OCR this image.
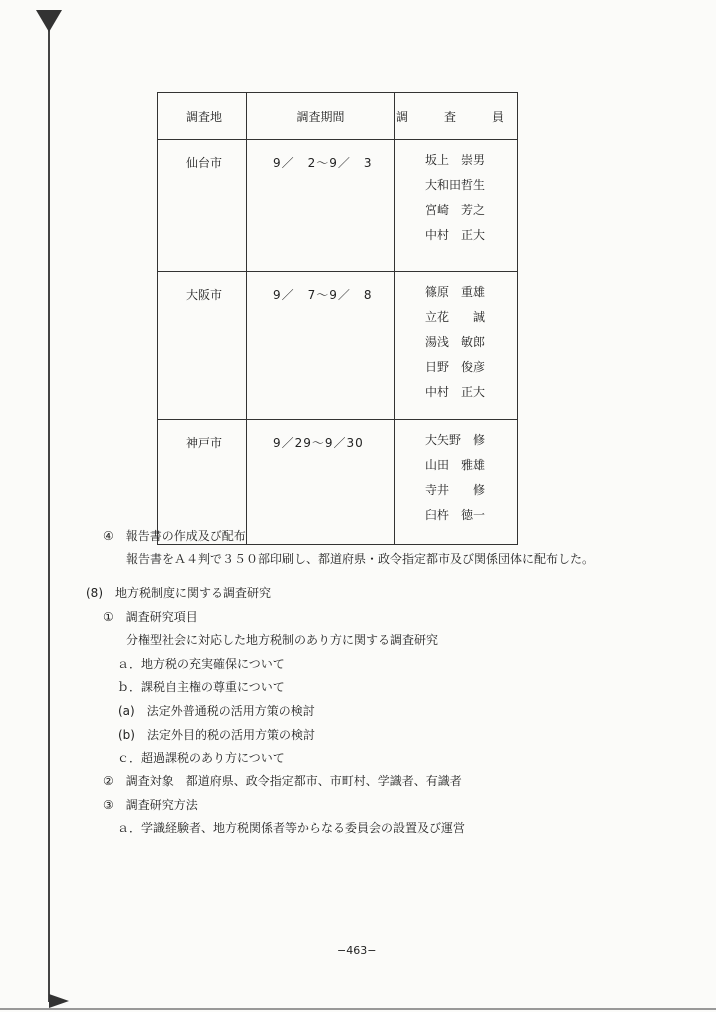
調査地	調査期間	調　査　員
仙台市	9／　2～9／　3	坂上　崇男
大和田哲生
宮崎　芳之
中村　正大

大阪市	9／　7～9／　8	篠原　重雄
立花　　誠
湯浅　敏郎
日野　俊彦
中村　正大

神戸市	9／29～9／30	大矢野　修
山田　雅雄
寺井　　修
臼杵　徳一
④　報告書の作成及び配布
報告書をＡ４判で３５０部印刷し、都道府県・政令指定都市及び関係団体に配布した。
(8)　地方税制度に関する調査研究
①　調査研究項目
分権型社会に対応した地方税制のあり方に関する調査研究
ａ．地方税の充実確保について
ｂ．課税自主権の尊重について
(a)　法定外普通税の活用方策の検討
(b)　法定外目的税の活用方策の検討
ｃ．超過課税のあり方について
②　調査対象　都道府県、政令指定都市、市町村、学識者、有識者
③　調査研究方法
ａ．学識経験者、地方税関係者等からなる委員会の設置及び運営
−463−
